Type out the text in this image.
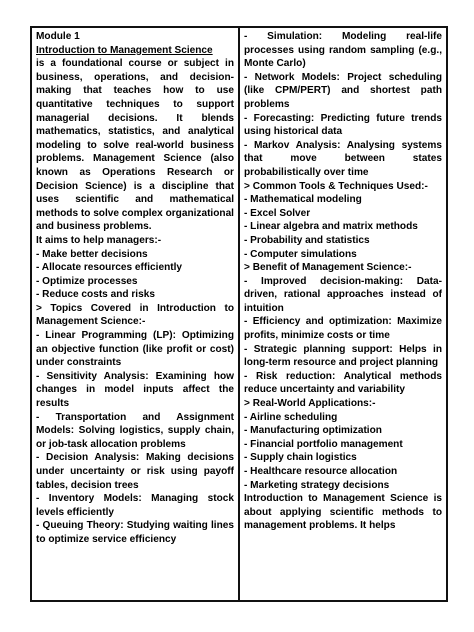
Module 1
Introduction to Management Science
is a foundational course or subject in business, operations, and decision-making that teaches how to use quantitative techniques to support managerial decisions. It blends mathematics, statistics, and analytical modeling to solve real-world business problems. Management Science (also known as Operations Research or Decision Science) is a discipline that uses scientific and mathematical methods to solve complex organizational and business problems.
It aims to help managers:-
- Make better decisions
- Allocate resources efficiently
- Optimize processes
- Reduce costs and risks
> Topics Covered in Introduction to Management Science:-
- Linear Programming (LP): Optimizing an objective function (like profit or cost) under constraints
- Sensitivity Analysis: Examining how changes in model inputs affect the results
- Transportation and Assignment Models: Solving logistics, supply chain, or job-task allocation problems
- Decision Analysis: Making decisions under uncertainty or risk using payoff tables, decision trees
- Inventory Models: Managing stock levels efficiently
- Queuing Theory: Studying waiting lines to optimize service efficiency
- Simulation: Modeling real-life processes using random sampling (e.g., Monte Carlo)
- Network Models: Project scheduling (like CPM/PERT) and shortest path problems
- Forecasting: Predicting future trends using historical data
- Markov Analysis: Analysing systems that move between states probabilistically over time
> Common Tools & Techniques Used:-
- Mathematical modeling
- Excel Solver
- Linear algebra and matrix methods
- Probability and statistics
- Computer simulations
> Benefit of Management Science:-
- Improved decision-making: Data-driven, rational approaches instead of intuition
- Efficiency and optimization: Maximize profits, minimize costs or time
- Strategic planning support: Helps in long-term resource and project planning
- Risk reduction: Analytical methods reduce uncertainty and variability
> Real-World Applications:-
- Airline scheduling
- Manufacturing optimization
- Financial portfolio management
- Supply chain logistics
- Healthcare resource allocation
- Marketing strategy decisions
Introduction to Management Science is about applying scientific methods to management problems. It helps
